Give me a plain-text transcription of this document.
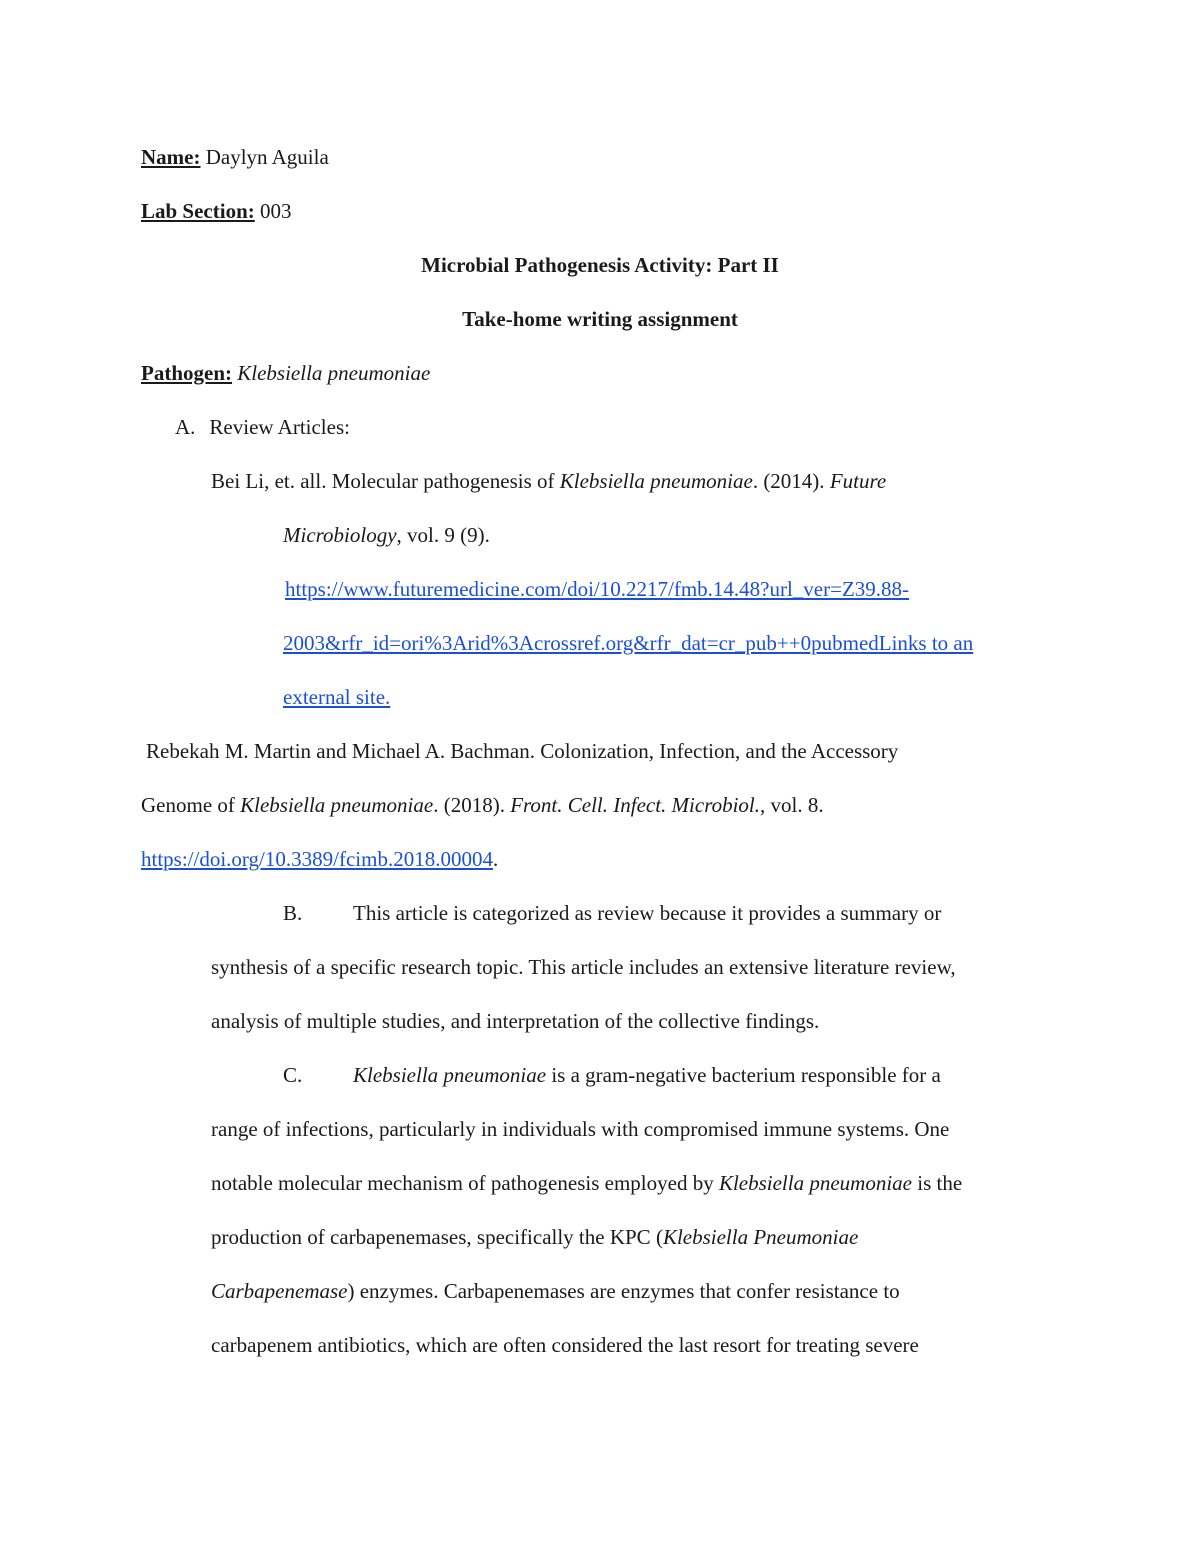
Name: Daylyn Aguila
Lab Section: 003
Microbial Pathogenesis Activity: Part II
Take-home writing assignment
Pathogen: Klebsiella pneumoniae
A. Review Articles:
Bei Li, et. all. Molecular pathogenesis of Klebsiella pneumoniae. (2014). Future
Microbiology, vol. 9 (9).
https://www.futuremedicine.com/doi/10.2217/fmb.14.48?url_ver=Z39.88-
2003&rfr_id=ori%3Arid%3Acrossref.org&rfr_dat=cr_pub++0pubmedLinks to an
external site.
Rebekah M. Martin and Michael A. Bachman. Colonization, Infection, and the Accessory
Genome of Klebsiella pneumoniae. (2018). Front. Cell. Infect. Microbiol., vol. 8.
https://doi.org/10.3389/fcimb.2018.00004.
B. This article is categorized as review because it provides a summary or
synthesis of a specific research topic. This article includes an extensive literature review,
analysis of multiple studies, and interpretation of the collective findings.
C. Klebsiella pneumoniae is a gram-negative bacterium responsible for a
range of infections, particularly in individuals with compromised immune systems. One
notable molecular mechanism of pathogenesis employed by Klebsiella pneumoniae is the
production of carbapenemases, specifically the KPC (Klebsiella Pneumoniae
Carbapenemase) enzymes. Carbapenemases are enzymes that confer resistance to
carbapenem antibiotics, which are often considered the last resort for treating severe
